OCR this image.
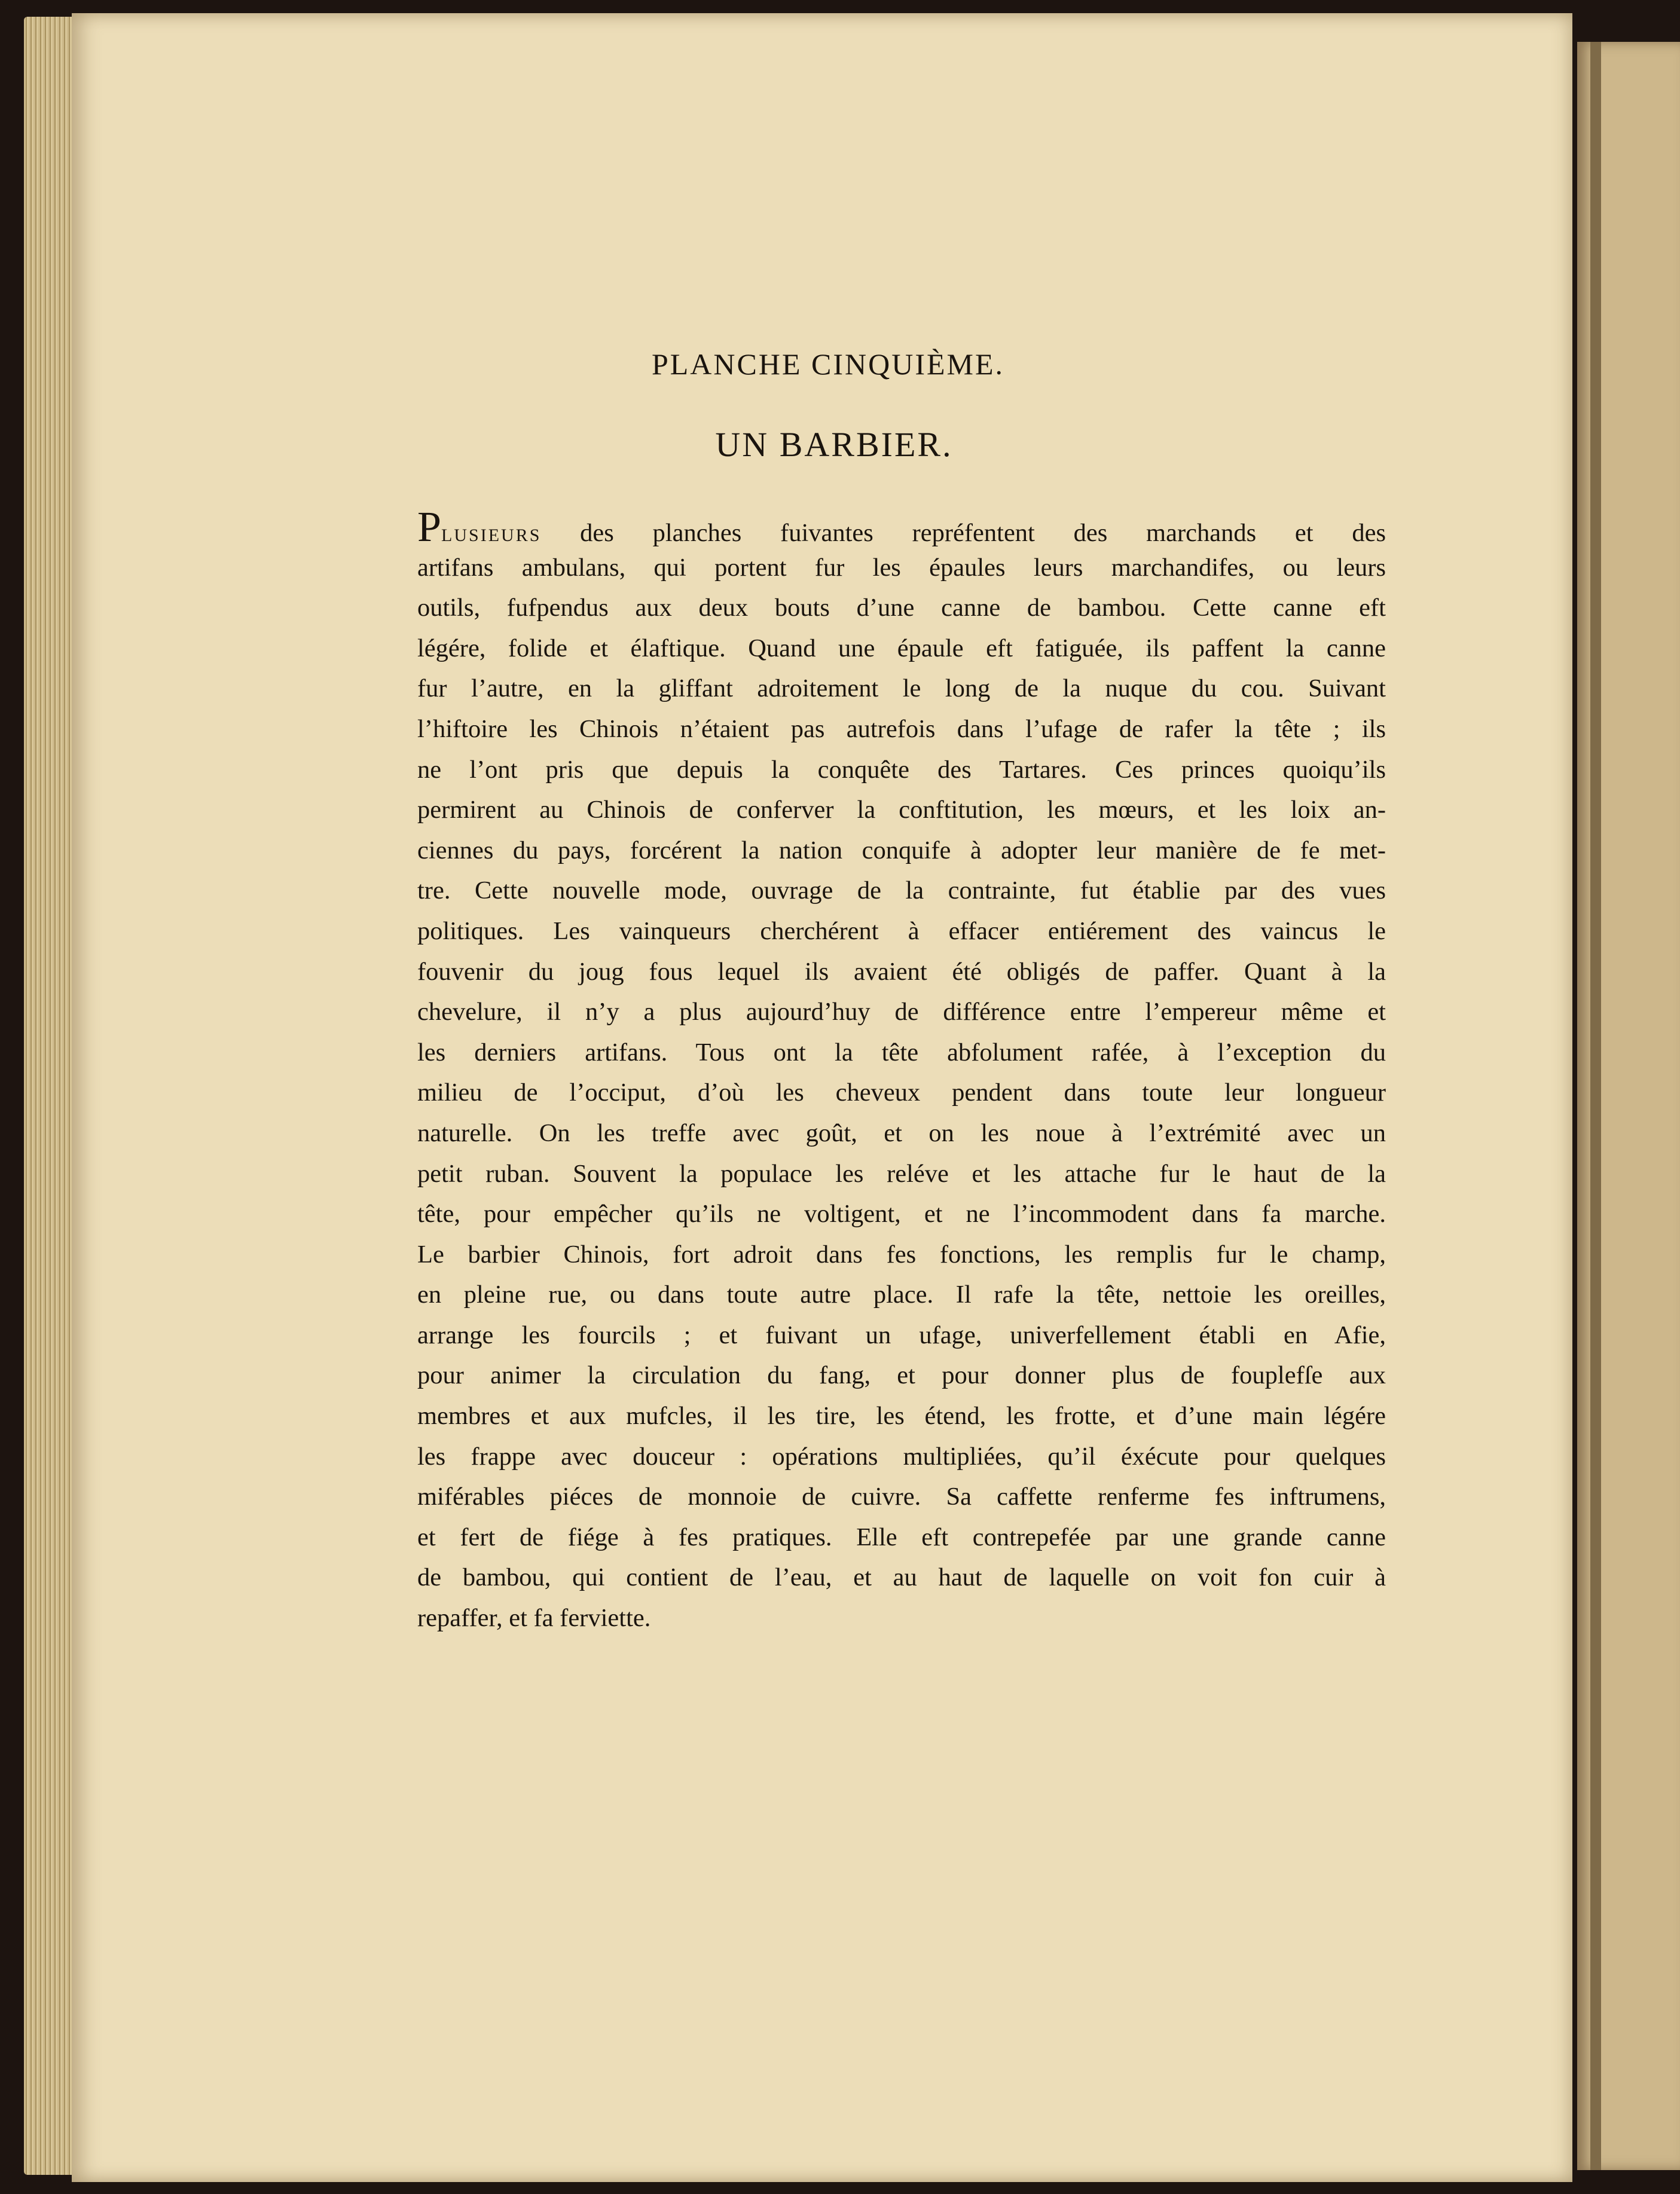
PLANCHE CINQUIÈME.
UN BARBIER.
Plusieurs des planches fuivantes repréfentent des marchands et des
artifans ambulans, qui portent fur les épaules leurs marchandifes, ou leurs
outils, fufpendus aux deux bouts d’une canne de bambou. Cette canne eft
légére, folide et élaftique. Quand une épaule eft fatiguée, ils paffent la canne
fur l’autre, en la gliffant adroitement le long de la nuque du cou. Suivant
l’hiftoire les Chinois n’étaient pas autrefois dans l’ufage de rafer la tête ; ils
ne l’ont pris que depuis la conquête des Tartares. Ces princes quoiqu’ils
permirent au Chinois de conferver la conftitution, les mœurs, et les loix an-
ciennes du pays, forcérent la nation conquife à adopter leur manière de fe met-
tre. Cette nouvelle mode, ouvrage de la contrainte, fut établie par des vues
politiques. Les vainqueurs cherchérent à effacer entiérement des vaincus le
fouvenir du joug fous lequel ils avaient été obligés de paffer. Quant à la
chevelure, il n’y a plus aujourd’huy de différence entre l’empereur même et
les derniers artifans. Tous ont la tête abfolument rafée, à l’exception du
milieu de l’occiput, d’où les cheveux pendent dans toute leur longueur
naturelle. On les treffe avec goût, et on les noue à l’extrémité avec un
petit ruban. Souvent la populace les reléve et les attache fur le haut de la
tête, pour empêcher qu’ils ne voltigent, et ne l’incommodent dans fa marche.
Le barbier Chinois, fort adroit dans fes fonctions, les remplis fur le champ,
en pleine rue, ou dans toute autre place. Il rafe la tête, nettoie les oreilles,
arrange les fourcils ; et fuivant un ufage, univerfellement établi en Afie,
pour animer la circulation du fang, et pour donner plus de fouplefſe aux
membres et aux mufcles, il les tire, les étend, les frotte, et d’une main légére
les frappe avec douceur : opérations multipliées, qu’il éxécute pour quelques
miférables piéces de monnoie de cuivre. Sa caffette renferme fes inftrumens,
et fert de fiége à fes pratiques. Elle eft contrepefée par une grande canne
de bambou, qui contient de l’eau, et au haut de laquelle on voit fon cuir à
repaffer, et fa ferviette.
